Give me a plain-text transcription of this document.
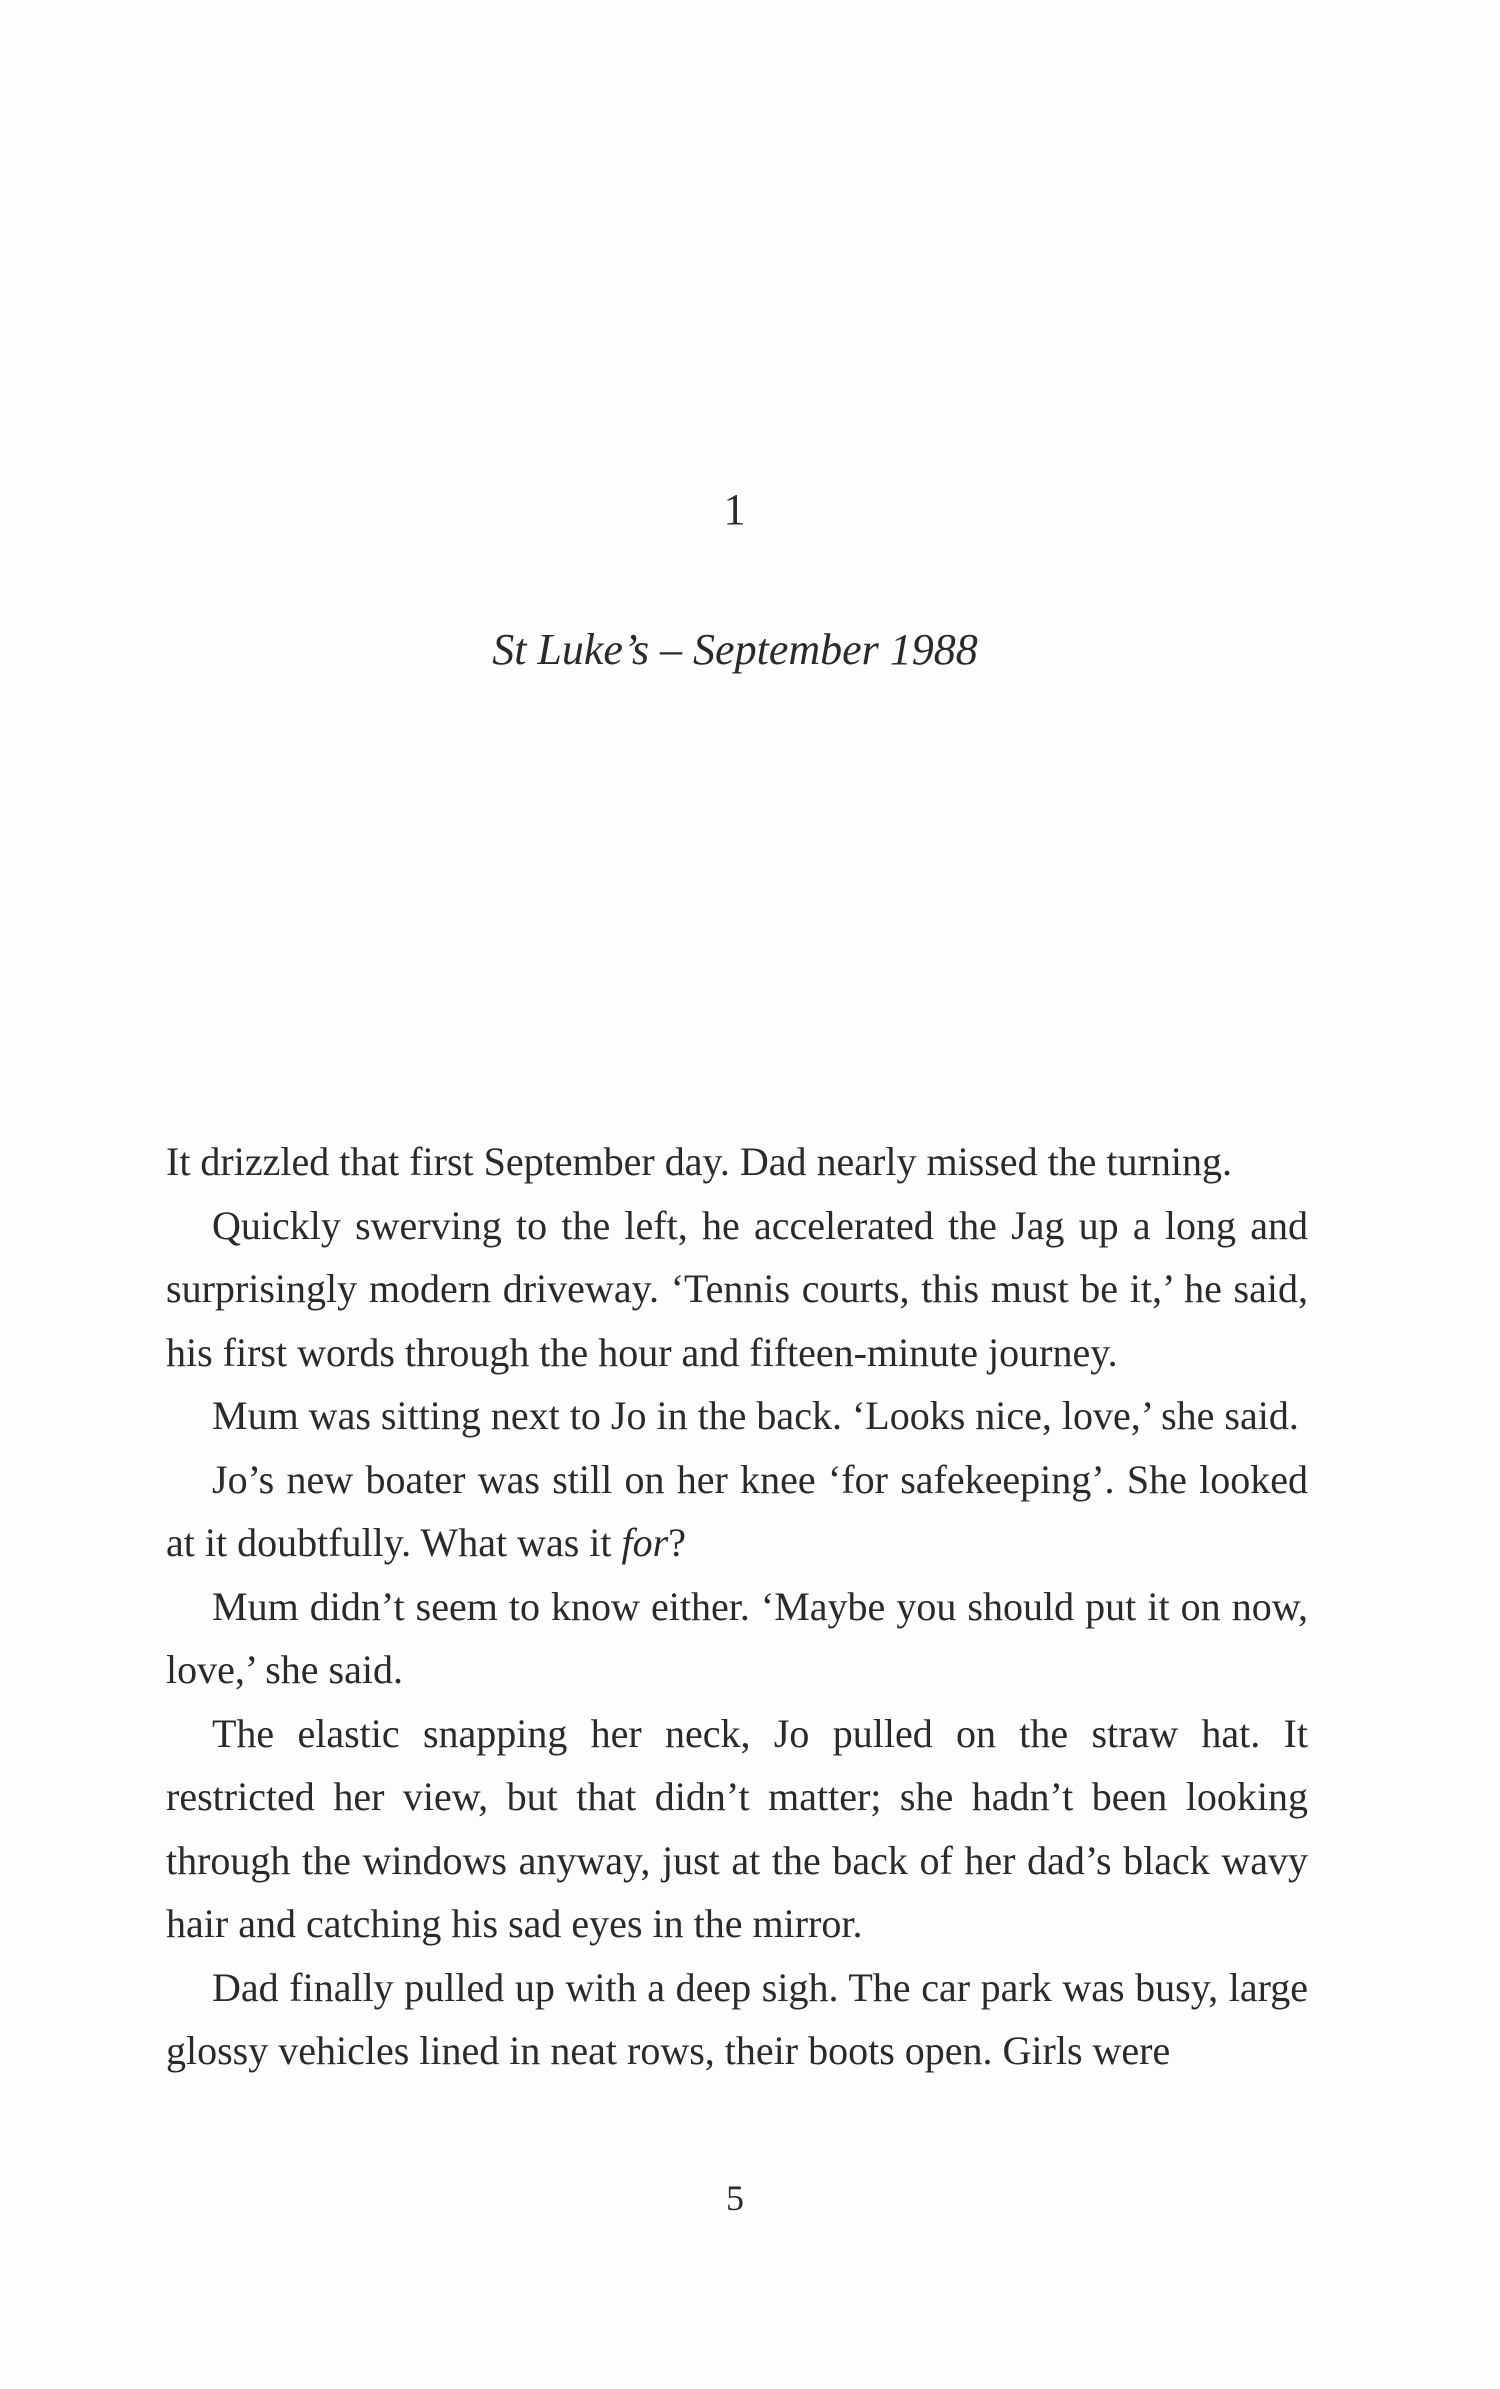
1
St Luke’s – September 1988

It drizzled that first September day. Dad nearly missed the turning.

Quickly swerving to the left, he accelerated the Jag up a long and surprisingly modern driveway. ‘Tennis courts, this must be it,’ he said, his first words through the hour and fifteen-minute journey.

Mum was sitting next to Jo in the back. ‘Looks nice, love,’ she said.

Jo’s new boater was still on her knee ‘for safekeeping’. She looked at it doubtfully. What was it for?

Mum didn’t seem to know either. ‘Maybe you should put it on now, love,’ she said.

The elastic snapping her neck, Jo pulled on the straw hat. It restricted her view, but that didn’t matter; she hadn’t been looking through the windows anyway, just at the back of her dad’s black wavy hair and catching his sad eyes in the mirror.

Dad finally pulled up with a deep sigh. The car park was busy, large glossy vehicles lined in neat rows, their boots open. Girls were

5
